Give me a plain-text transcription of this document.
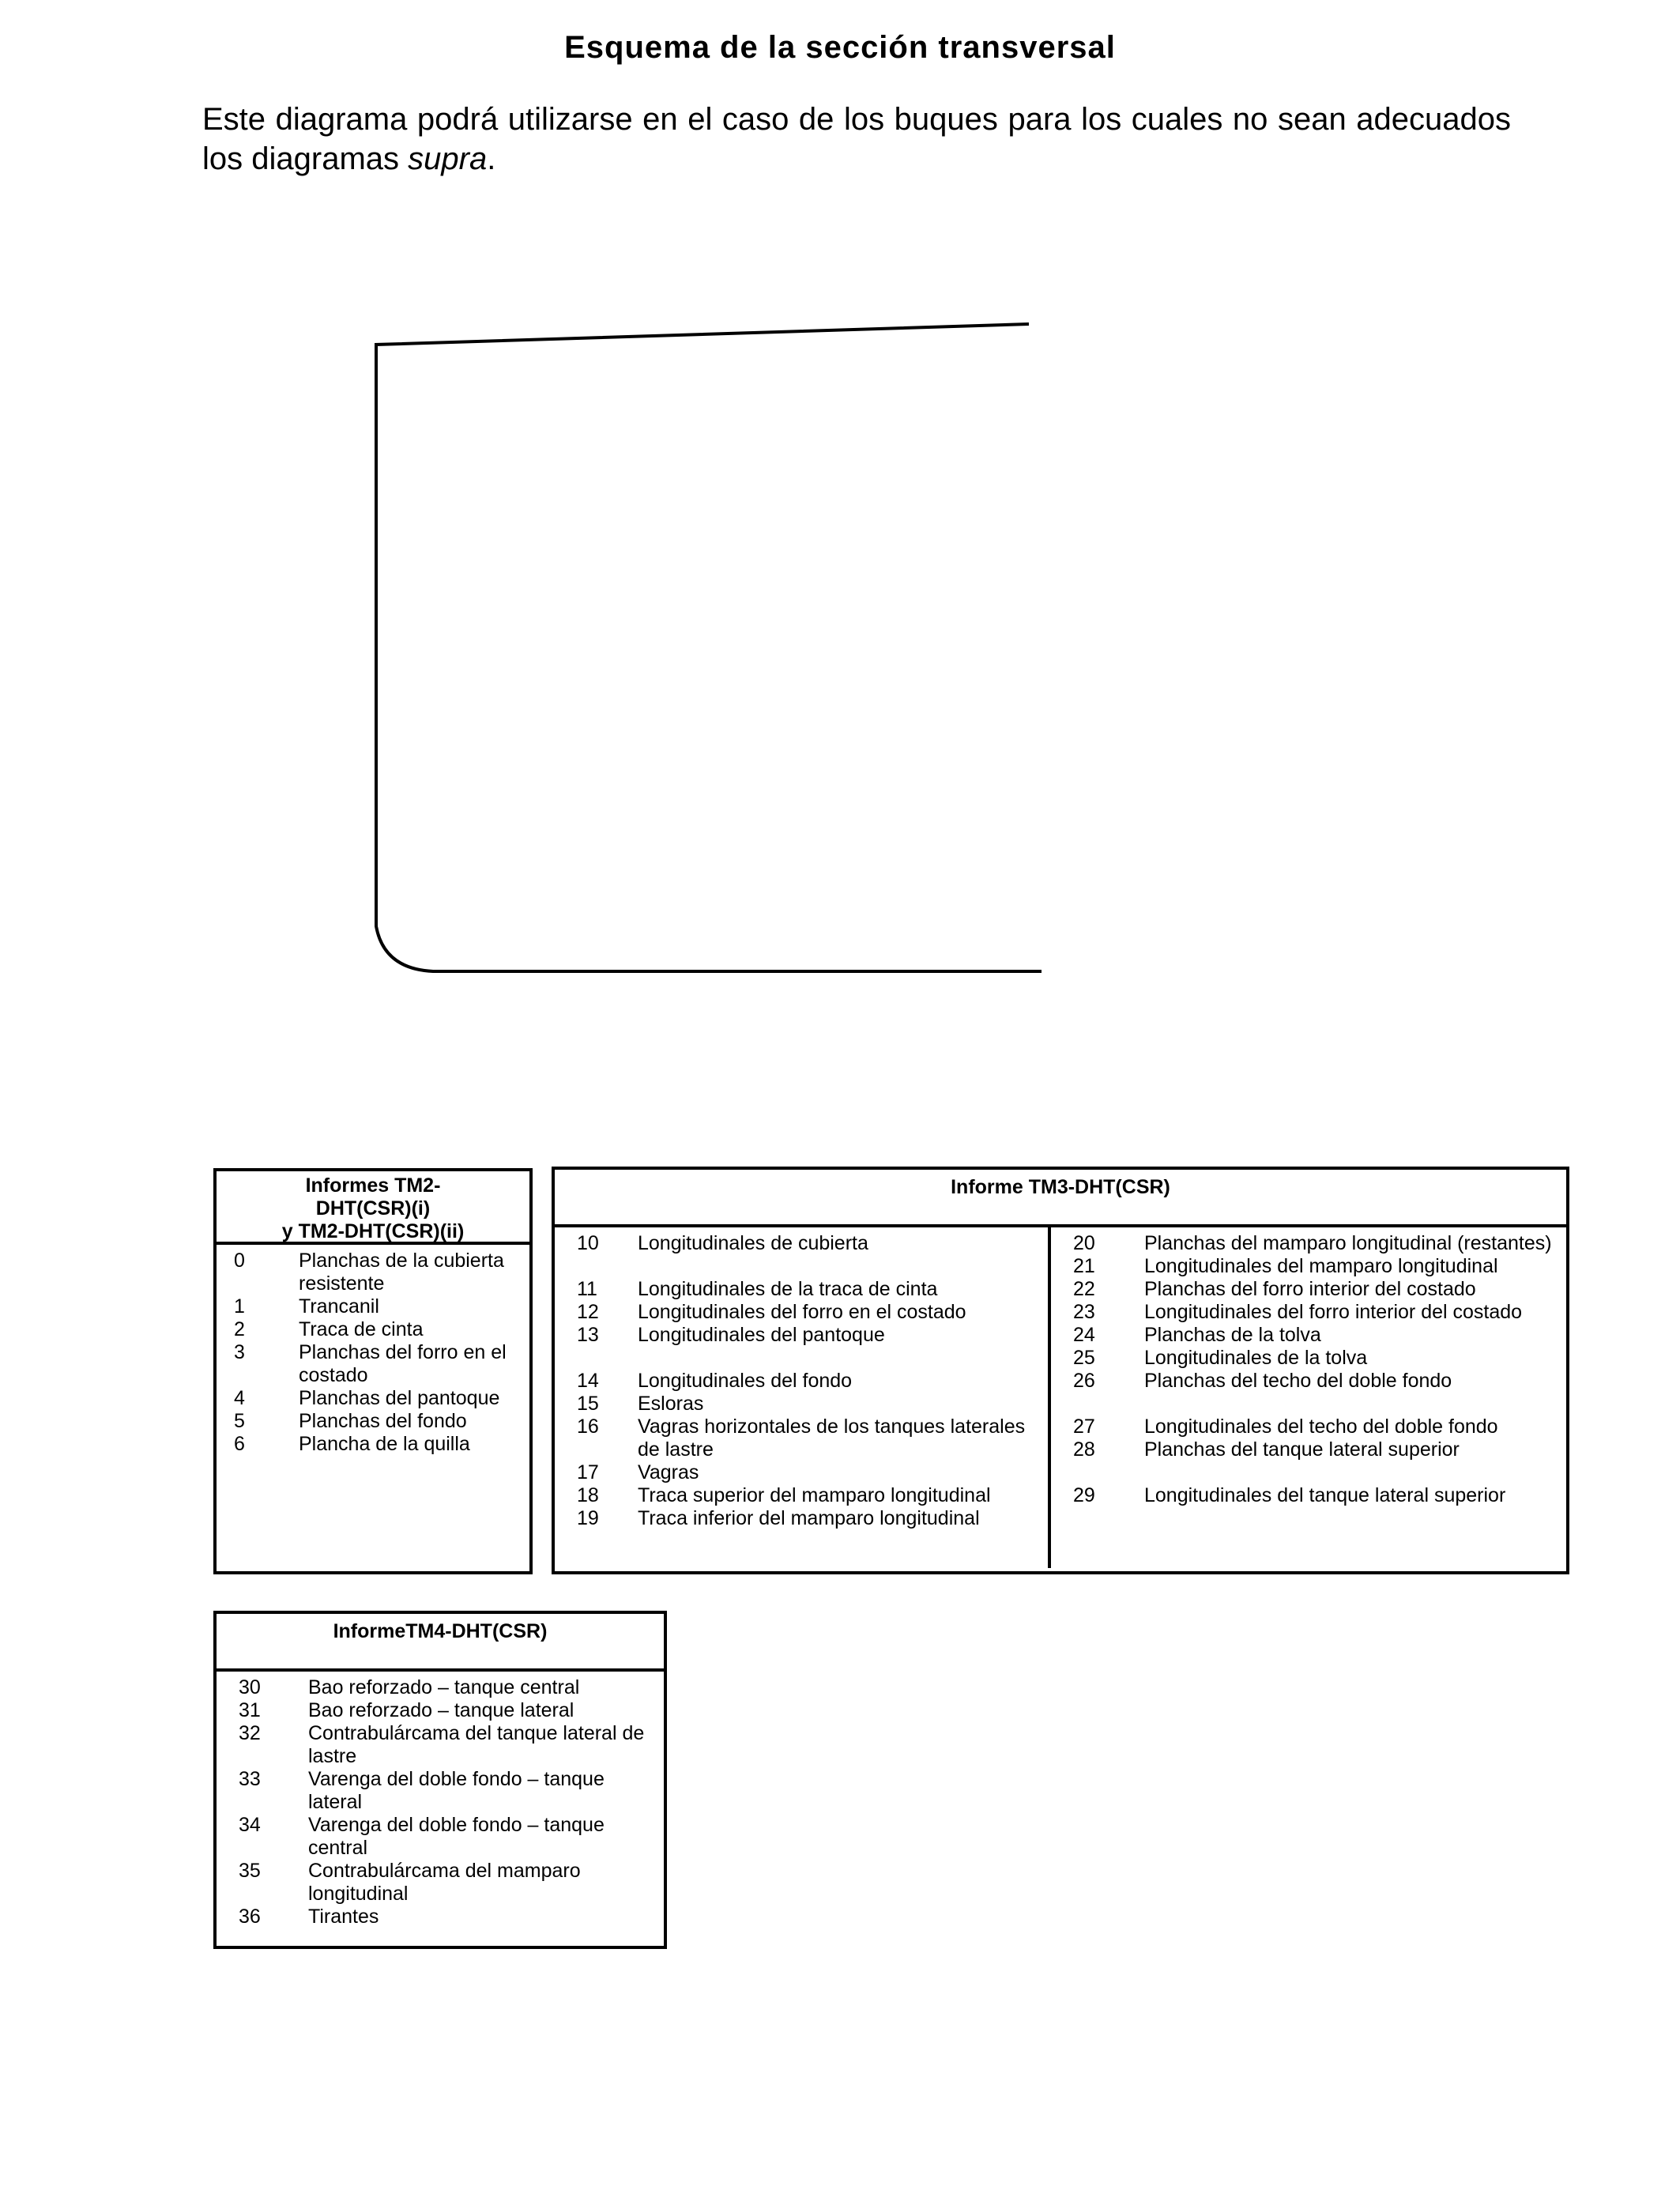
Esquema de la sección transversal
Este diagrama podrá utilizarse en el caso de los buques para los cuales no sean adecuados los diagramas supra.
Informes TM2-
DHT(CSR)(i)
y TM2-DHT(CSR)(ii)
0	Planchas de la cubierta resistente
1	Trancanil
2	Traca de cinta
3	Planchas del forro en el costado
4	Planchas del pantoque
5	Planchas del fondo
6	Plancha de la quilla
Informe TM3-DHT(CSR)
10	Longitudinales de cubierta
11	Longitudinales de la traca de cinta
12	Longitudinales del forro en el costado
13	Longitudinales del pantoque
14	Longitudinales del fondo
15	Esloras
16	Vagras horizontales de los tanques laterales de lastre
17	Vagras
18	Traca superior del mamparo longitudinal
19	Traca inferior del mamparo longitudinal
20	Planchas del mamparo longitudinal (restantes)
21	Longitudinales del mamparo longitudinal
22	Planchas del forro interior del costado
23	Longitudinales del forro interior del costado
24	Planchas de la tolva
25	Longitudinales de la tolva
26	Planchas del techo del doble fondo
27	Longitudinales del techo del doble fondo
28	Planchas del tanque lateral superior
29	Longitudinales del tanque lateral superior
InformeTM4-DHT(CSR)
30	Bao reforzado – tanque central
31	Bao reforzado – tanque lateral
32	Contrabulárcama del tanque lateral de lastre
33	Varenga del doble fondo – tanque lateral
34	Varenga del doble fondo – tanque central
35	Contrabulárcama del mamparo longitudinal
36	Tirantes
